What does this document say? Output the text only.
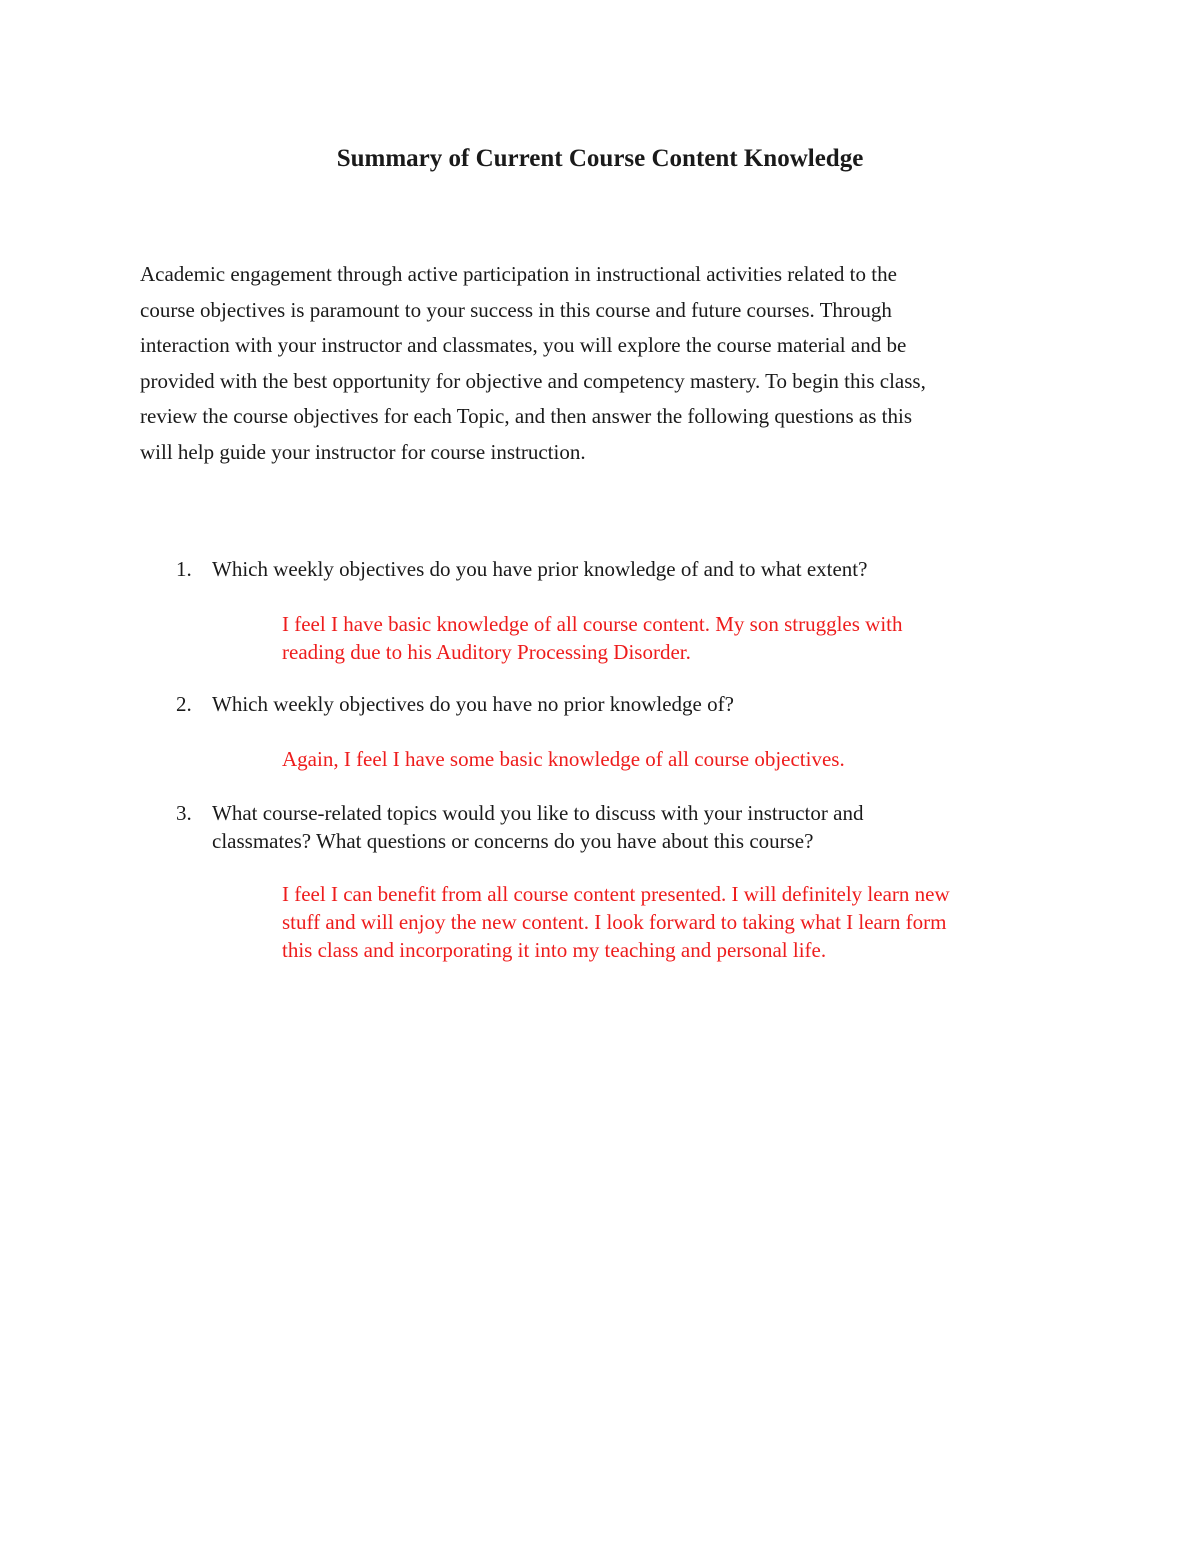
Summary of Current Course Content Knowledge

Academic engagement through active participation in instructional activities related to the
course objectives is paramount to your success in this course and future courses. Through
interaction with your instructor and classmates, you will explore the course material and be
provided with the best opportunity for objective and competency mastery. To begin this class,
review the course objectives for each Topic, and then answer the following questions as this
will help guide your instructor for course instruction.

1. Which weekly objectives do you have prior knowledge of and to what extent?
I feel I have basic knowledge of all course content. My son struggles with
reading due to his Auditory Processing Disorder.
2. Which weekly objectives do you have no prior knowledge of?
Again, I feel I have some basic knowledge of all course objectives.
3. What course-related topics would you like to discuss with your instructor and
classmates? What questions or concerns do you have about this course?
I feel I can benefit from all course content presented. I will definitely learn new
stuff and will enjoy the new content. I look forward to taking what I learn form
this class and incorporating it into my teaching and personal life.
